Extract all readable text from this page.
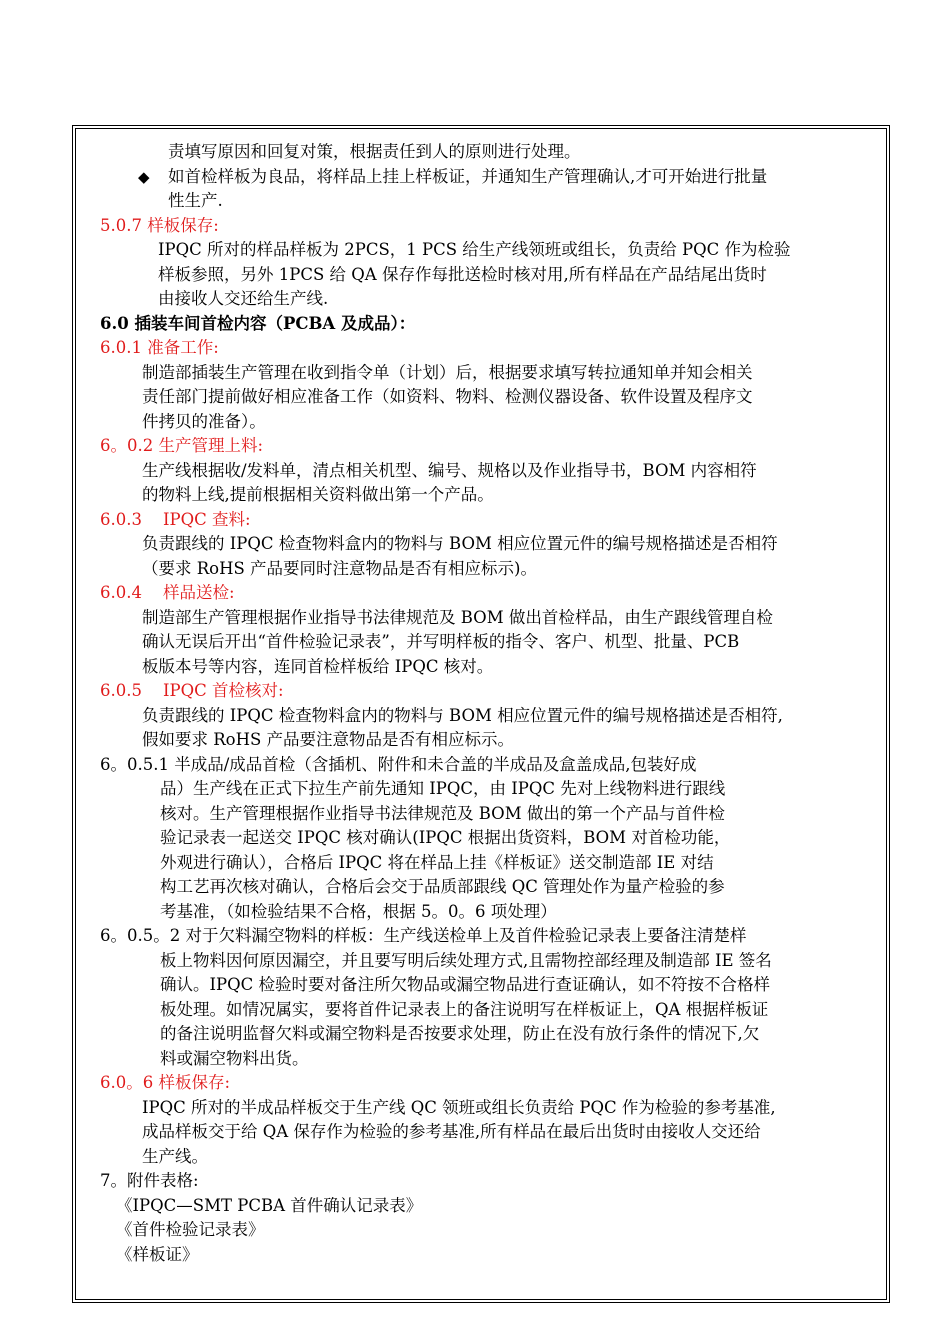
责填写原因和回复对策，根据责任到人的原则进行处理。
◆ 如首检样板为良品，将样品上挂上样板证，并通知生产管理确认,才可开始进行批量
性生产.
5.0.7 样板保存:
IPQC 所对的样品样板为 2PCS，1 PCS 给生产线领班或组长，负责给 PQC 作为检验
样板参照，另外 1PCS 给 QA 保存作每批送检时核对用,所有样品在产品结尾出货时
由接收人交还给生产线.
6.0 插装车间首检内容（PCBA 及成品）：
6.0.1 准备工作:
制造部插装生产管理在收到指令单（计划）后，根据要求填写转拉通知单并知会相关
责任部门提前做好相应准备工作（如资料、物料、检测仪器设备、软件设置及程序文
件拷贝的准备）。
6。0.2 生产管理上料:
生产线根据收/发料单，清点相关机型、编号、规格以及作业指导书，BOM 内容相符
的物料上线,提前根据相关资料做出第一个产品。
6.0.3    IPQC 查料:
负责跟线的 IPQC 检查物料盒内的物料与 BOM 相应位置元件的编号规格描述是否相符
（要求 RoHS 产品要同时注意物品是否有相应标示)。
6.0.4    样品送检:
制造部生产管理根据作业指导书法律规范及 BOM 做出首检样品，由生产跟线管理自检
确认无误后开出“首件检验记录表”，并写明样板的指令、客户、机型、批量、PCB
板版本号等内容，连同首检样板给 IPQC 核对。
6.0.5    IPQC 首检核对:
负责跟线的 IPQC 检查物料盒内的物料与 BOM 相应位置元件的编号规格描述是否相符,
假如要求 RoHS 产品要注意物品是否有相应标示。
6。0.5.1 半成品/成品首检（含插机、附件和未合盖的半成品及盒盖成品,包装好成
品）生产线在正式下拉生产前先通知 IPQC，由 IPQC 先对上线物料进行跟线
核对。生产管理根据作业指导书法律规范及 BOM 做出的第一个产品与首件检
验记录表一起送交 IPQC 核对确认(IPQC 根据出货资料，BOM 对首检功能，
外观进行确认），合格后 IPQC 将在样品上挂《样板证》送交制造部 IE 对结
构工艺再次核对确认，合格后会交于品质部跟线 QC 管理处作为量产检验的参
考基准，（如检验结果不合格，根据 5。0。6 项处理）
6。0.5。2 对于欠料漏空物料的样板：生产线送检单上及首件检验记录表上要备注清楚样
板上物料因何原因漏空，并且要写明后续处理方式,且需物控部经理及制造部 IE 签名
确认。IPQC 检验时要对备注所欠物品或漏空物品进行查证确认，如不符按不合格样
板处理。如情况属实，要将首件记录表上的备注说明写在样板证上，QA 根据样板证
的备注说明监督欠料或漏空物料是否按要求处理，防止在没有放行条件的情况下,欠
料或漏空物料出货。
6.0。6 样板保存:
IPQC 所对的半成品样板交于生产线 QC 领班或组长负责给 PQC 作为检验的参考基准,
成品样板交于给 QA 保存作为检验的参考基准,所有样品在最后出货时由接收人交还给
生产线。
7。附件表格:
《IPQC—SMT PCBA 首件确认记录表》
《首件检验记录表》
《样板证》
